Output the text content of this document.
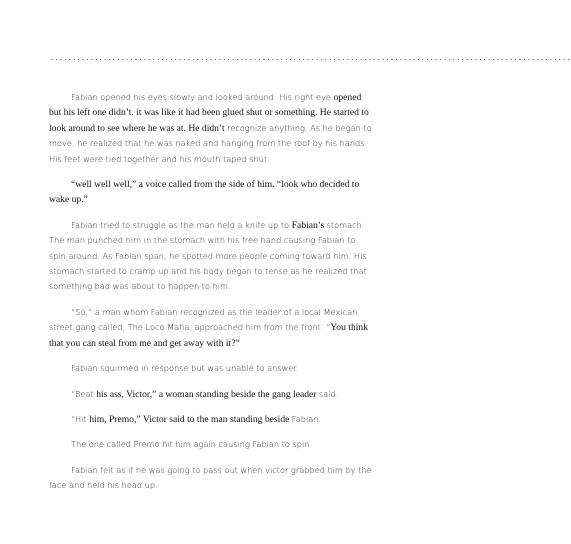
......................................................................................................................

Fabian opened his eyes slowly and looked around. His right eye opened but his left one didn’t. it was like it had been glued shut or something. He started to look around to see where he was at. He didn’t recognize anything. As he began to move, he realized that he was naked and hanging from the roof by his hands. His feet were tied together and his mouth taped shut.

“well well well,” a voice called from the side of him. “look who decided to wake up.”

Fabian tried to struggle as the man held a knife up to Fabian’s stomach. The man punched him in the stomach with his free hand causing Fabian to spin around. As Fabian span, he spotted more people coming toward him. His stomach started to cramp up and his body began to tense as he realized that something bad was about to happen to him.

“So,” a man whom Fabian recognized as the leader of a local Mexican street gang called, The Loco Mafia, approached him from the front. “You think that you can steal from me and get away with it?”

Fabian squirmed in response but was unable to answer.

“Beat his ass, Victor,” a woman standing beside the gang leader said.

“Hit him, Premo,” Victor said to the man standing beside Fabian.

The one called Premo hit him again causing Fabian to spin.

Fabian felt as if he was going to pass out when victor grabbed him by the face and held his head up.
